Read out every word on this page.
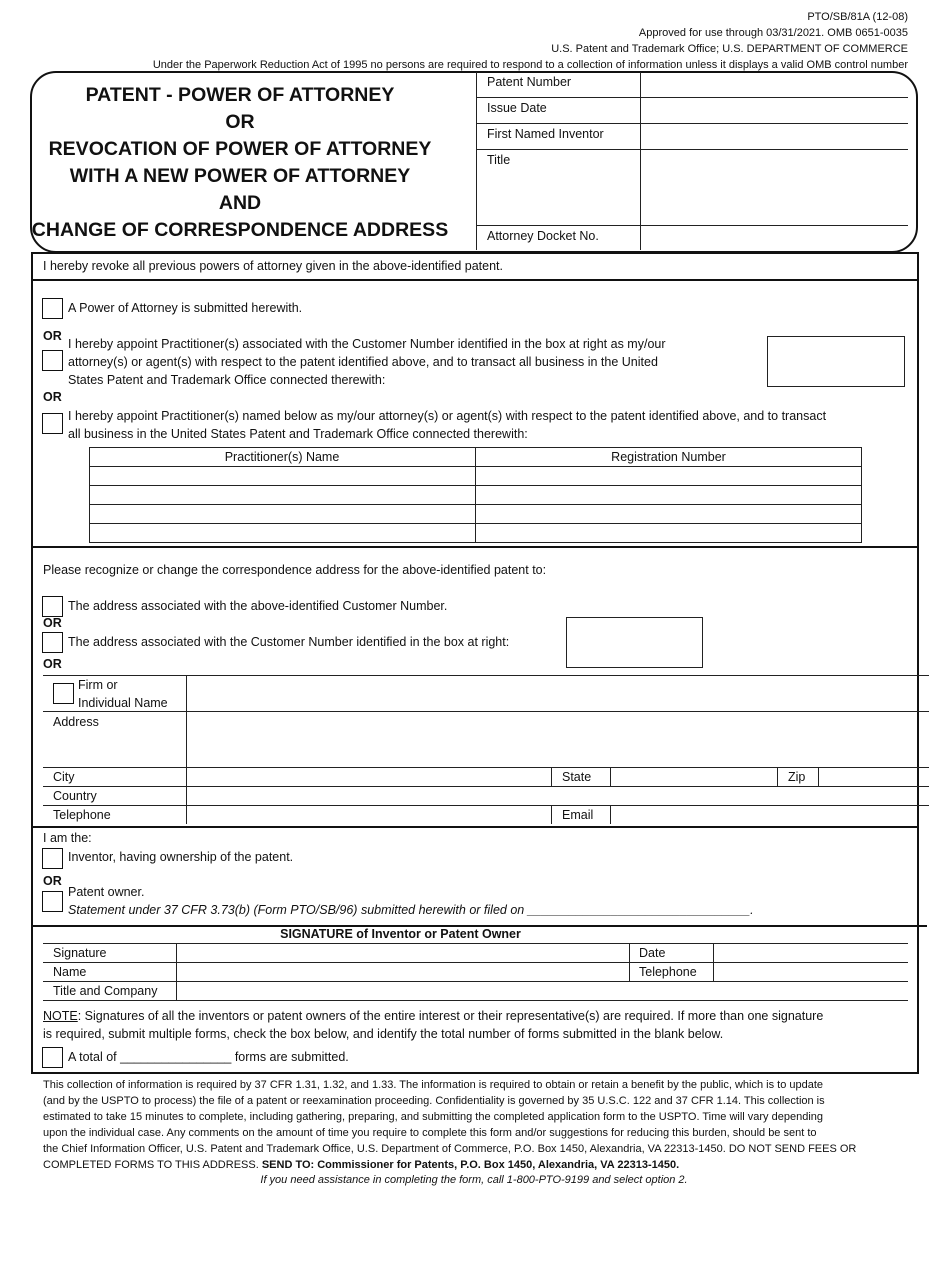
PTO/SB/81A (12-08)
Approved for use through 03/31/2021. OMB 0651-0035
U.S. Patent and Trademark Office; U.S. DEPARTMENT OF COMMERCE
Under the Paperwork Reduction Act of 1995 no persons are required to respond to a collection of information unless it displays a valid OMB control number
PATENT - POWER OF ATTORNEY
OR
REVOCATION OF POWER OF ATTORNEY
WITH A NEW POWER OF ATTORNEY
AND
CHANGE OF CORRESPONDENCE ADDRESS
Patent Number
Issue Date
First Named Inventor
Title
Attorney Docket No.
I hereby revoke all previous powers of attorney given in the above-identified patent.
A Power of Attorney is submitted herewith.
OR
I hereby appoint Practitioner(s) associated with the Customer Number identified in the box at right as my/our
attorney(s) or agent(s) with respect to the patent identified above, and to transact all business in the United
States Patent and Trademark Office connected therewith:
OR
I hereby appoint Practitioner(s) named below as my/our attorney(s) or agent(s) with respect to the patent identified above, and to transact
all business in the United States Patent and Trademark Office connected therewith:
Practitioner(s) Name	Registration Number
Please recognize or change the correspondence address for the above-identified patent to:
The address associated with the above-identified Customer Number.
OR
The address associated with the Customer Number identified in the box at right:
OR
Firm or
Individual Name
Address
City	State	Zip
Country
Telephone	Email
I am the:
Inventor, having ownership of the patent.
OR
Patent owner.
Statement under 37 CFR 3.73(b) (Form PTO/SB/96) submitted herewith or filed on ________________________________.
SIGNATURE of Inventor or Patent Owner
Signature	Date
Name	Telephone
Title and Company
NOTE: Signatures of all the inventors or patent owners of the entire interest or their representative(s) are required. If more than one signature
is required, submit multiple forms, check the box below, and identify the total number of forms submitted in the blank below.
A total of ________________ forms are submitted.
This collection of information is required by 37 CFR 1.31, 1.32, and 1.33. The information is required to obtain or retain a benefit by the public, which is to update
(and by the USPTO to process) the file of a patent or reexamination proceeding. Confidentiality is governed by 35 U.S.C. 122 and 37 CFR 1.14. This collection is
estimated to take 15 minutes to complete, including gathering, preparing, and submitting the completed application form to the USPTO. Time will vary depending
upon the individual case. Any comments on the amount of time you require to complete this form and/or suggestions for reducing this burden, should be sent to
the Chief Information Officer, U.S. Patent and Trademark Office, U.S. Department of Commerce, P.O. Box 1450, Alexandria, VA 22313-1450. DO NOT SEND FEES OR
COMPLETED FORMS TO THIS ADDRESS. SEND TO: Commissioner for Patents, P.O. Box 1450, Alexandria, VA 22313-1450.
If you need assistance in completing the form, call 1-800-PTO-9199 and select option 2.
